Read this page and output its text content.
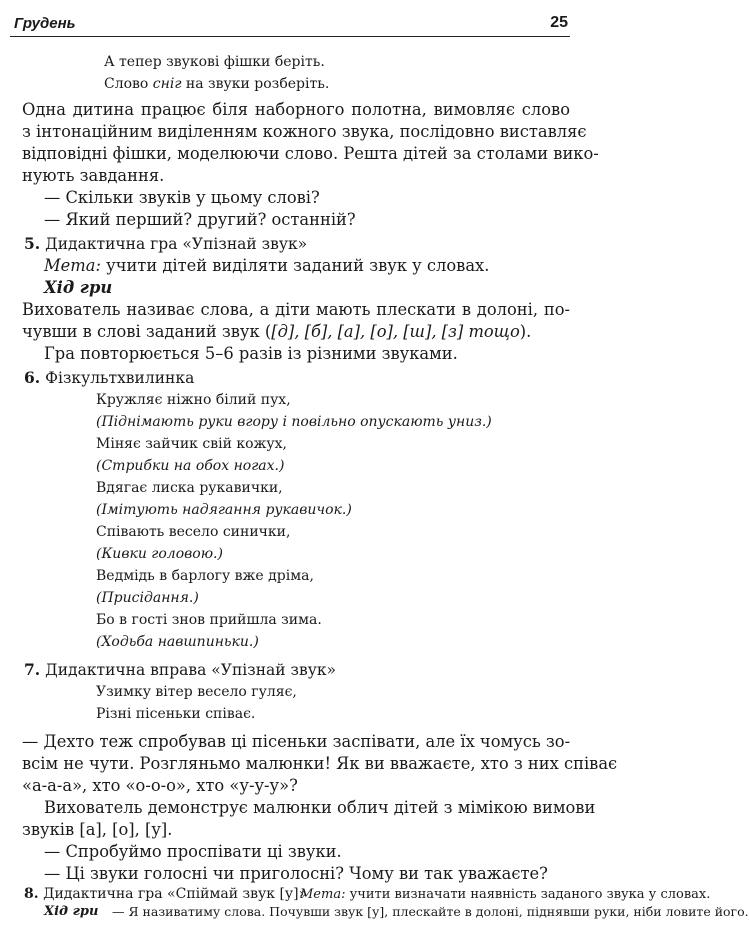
Грудень	25
А тепер звукові фішки беріть.
Слово сніг на звуки розберіть.
Одна дитина працює біля наборного полотна, вимовляє слово
з інтонаційним виділенням кожного звука, послідовно виставляє
відповідні фішки, моделюючи слово. Решта дітей за столами вико-
нують завдання.
— Скільки звуків у цьому слові?
— Який перший? другий? останній?
5. Дидактична гра «Упізнай звук»
Мета: учити дітей виділяти заданий звук у словах.
Хід гри
Вихователь називає слова, а діти мають плескати в долоні, по-
чувши в слові заданий звук ([д], [б], [а], [о], [ш], [з] тощо).
Гра повторюється 5–6 разів із різними звуками.
6. Фізкультхвилинка
Кружляє ніжно білий пух,
(Піднімають руки вгору і повільно опускають униз.)
Міняє зайчик свій кожух,
(Стрибки на обох ногах.)
Вдягає лиска рукавички,
(Імітують надягання рукавичок.)
Співають весело синички,
(Кивки головою.)
Ведмідь в барлогу вже дріма,
(Присідання.)
Бо в гості знов прийшла зима.
(Ходьба навшпиньки.)
7. Дидактична вправа «Упізнай звук»
Узимку вітер весело гуляє,
Різні пісеньки співає.
— Дехто теж спробував ці пісеньки заспівати, але їх чомусь зо-
всім не чути. Розгляньмо малюнки! Як ви вважаєте, хто з них співає
«а-а-а», хто «о-о-о», хто «у-у-у»?
Вихователь демонструє малюнки облич дітей з мімікою вимови
звуків [а], [о], [у].
— Спробуймо проспівати ці звуки.
— Ці звуки голосні чи приголосні? Чому ви так уважаєте?
8. Дидактична гра «Спіймай звук [у]»
Мета: учити визначати наявність заданого звука у словах.
Хід гри — Я називатиму слова. Почувши звук [у], плескайте в долоні, піднявши руки, ніби ловите його.
